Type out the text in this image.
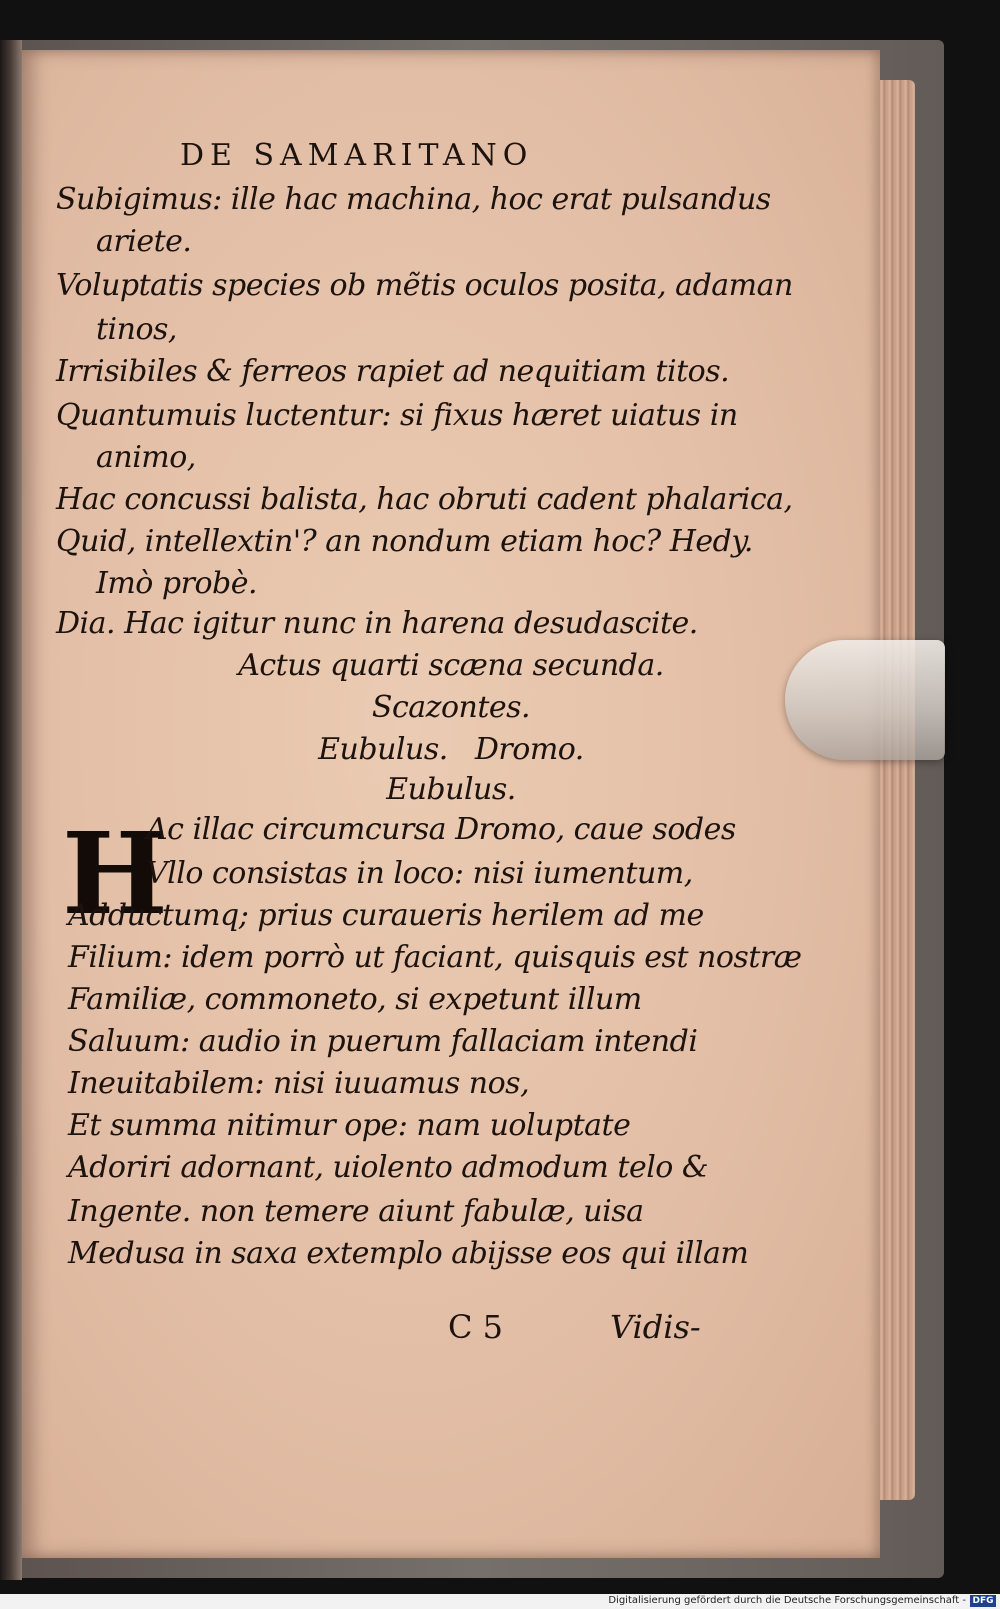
DE SAMARITANO
Subigimus: ille hac machina, hoc erat pulsandus
ariete.
Voluptatis species ob mẽtis oculos posita, adaman
tinos,
Irrisibiles & ferreos rapiet ad nequitiam titos.
Quantumuis luctentur: si fixus hæret uiatus in
animo,
Hac concussi balista, hac obruti cadent phalarica,
Quid, intellextin'? an nondum etiam hoc? Hedy.
Imò probè.
Dia. Hac igitur nunc in harena desudascite.
Actus quarti scæna secunda.
Scazontes.
Eubulus.   Dromo.
Eubulus.
H
Ac illac circumcursa Dromo, caue sodes
Vllo consistas in loco: nisi iumentum,
Adductumq; prius curaueris herilem ad me
Filium: idem porrò ut faciant, quisquis est nostræ
Familiæ, commoneto, si expetunt illum
Saluum: audio in puerum fallaciam intendi
Ineuitabilem: nisi iuuamus nos,
Et summa nitimur ope: nam uoluptate
Adoriri adornant, uiolento admodum telo &
Ingente. non temere aiunt fabulæ, uisa
Medusa in saxa extemplo abijsse eos qui illam
C 5	Vidis-
Digitalisierung gefördert durch die Deutsche Forschungsgemeinschaft - DFG
